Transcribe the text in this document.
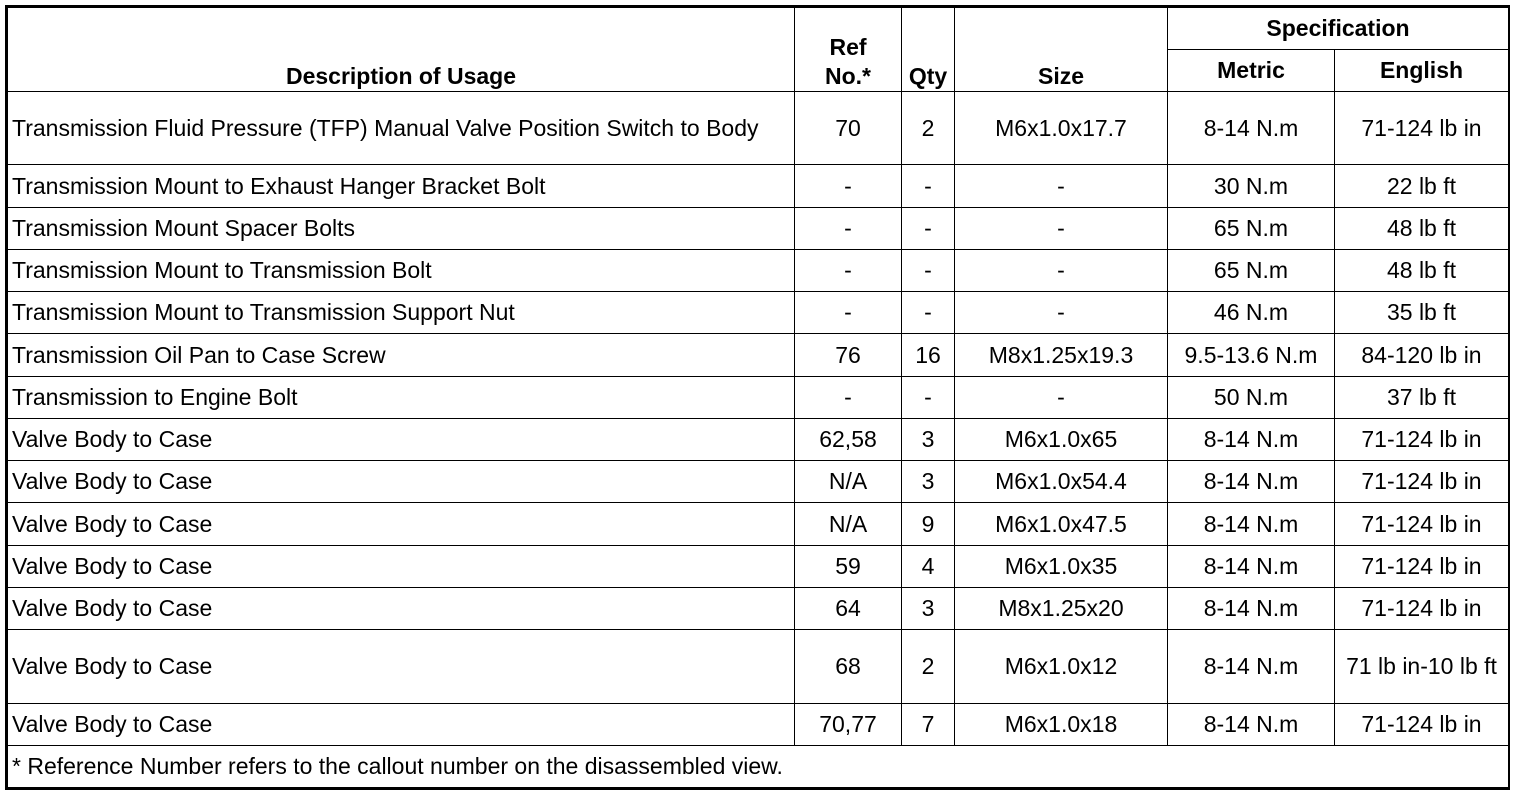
Description of Usage	Ref No.*	Qty	Size	Specification	
				Metric	English
Transmission Fluid Pressure (TFP) Manual Valve Position Switch to Body	70	2	M6x1.0x17.7	8-14 N.m	71-124 lb in
Transmission Mount to Exhaust Hanger Bracket Bolt	-	-	-	30 N.m	22 lb ft
Transmission Mount Spacer Bolts	-	-	-	65 N.m	48 lb ft
Transmission Mount to Transmission Bolt	-	-	-	65 N.m	48 lb ft
Transmission Mount to Transmission Support Nut	-	-	-	46 N.m	35 lb ft
Transmission Oil Pan to Case Screw	76	16	M8x1.25x19.3	9.5-13.6 N.m	84-120 lb in
Transmission to Engine Bolt	-	-	-	50 N.m	37 lb ft
Valve Body to Case	62,58	3	M6x1.0x65	8-14 N.m	71-124 lb in
Valve Body to Case	N/A	3	M6x1.0x54.4	8-14 N.m	71-124 lb in
Valve Body to Case	N/A	9	M6x1.0x47.5	8-14 N.m	71-124 lb in
Valve Body to Case	59	4	M6x1.0x35	8-14 N.m	71-124 lb in
Valve Body to Case	64	3	M8x1.25x20	8-14 N.m	71-124 lb in
Valve Body to Case	68	2	M6x1.0x12	8-14 N.m	71 lb in-10 lb ft
Valve Body to Case	70,77	7	M6x1.0x18	8-14 N.m	71-124 lb in
* Reference Number refers to the callout number on the disassembled view.					
